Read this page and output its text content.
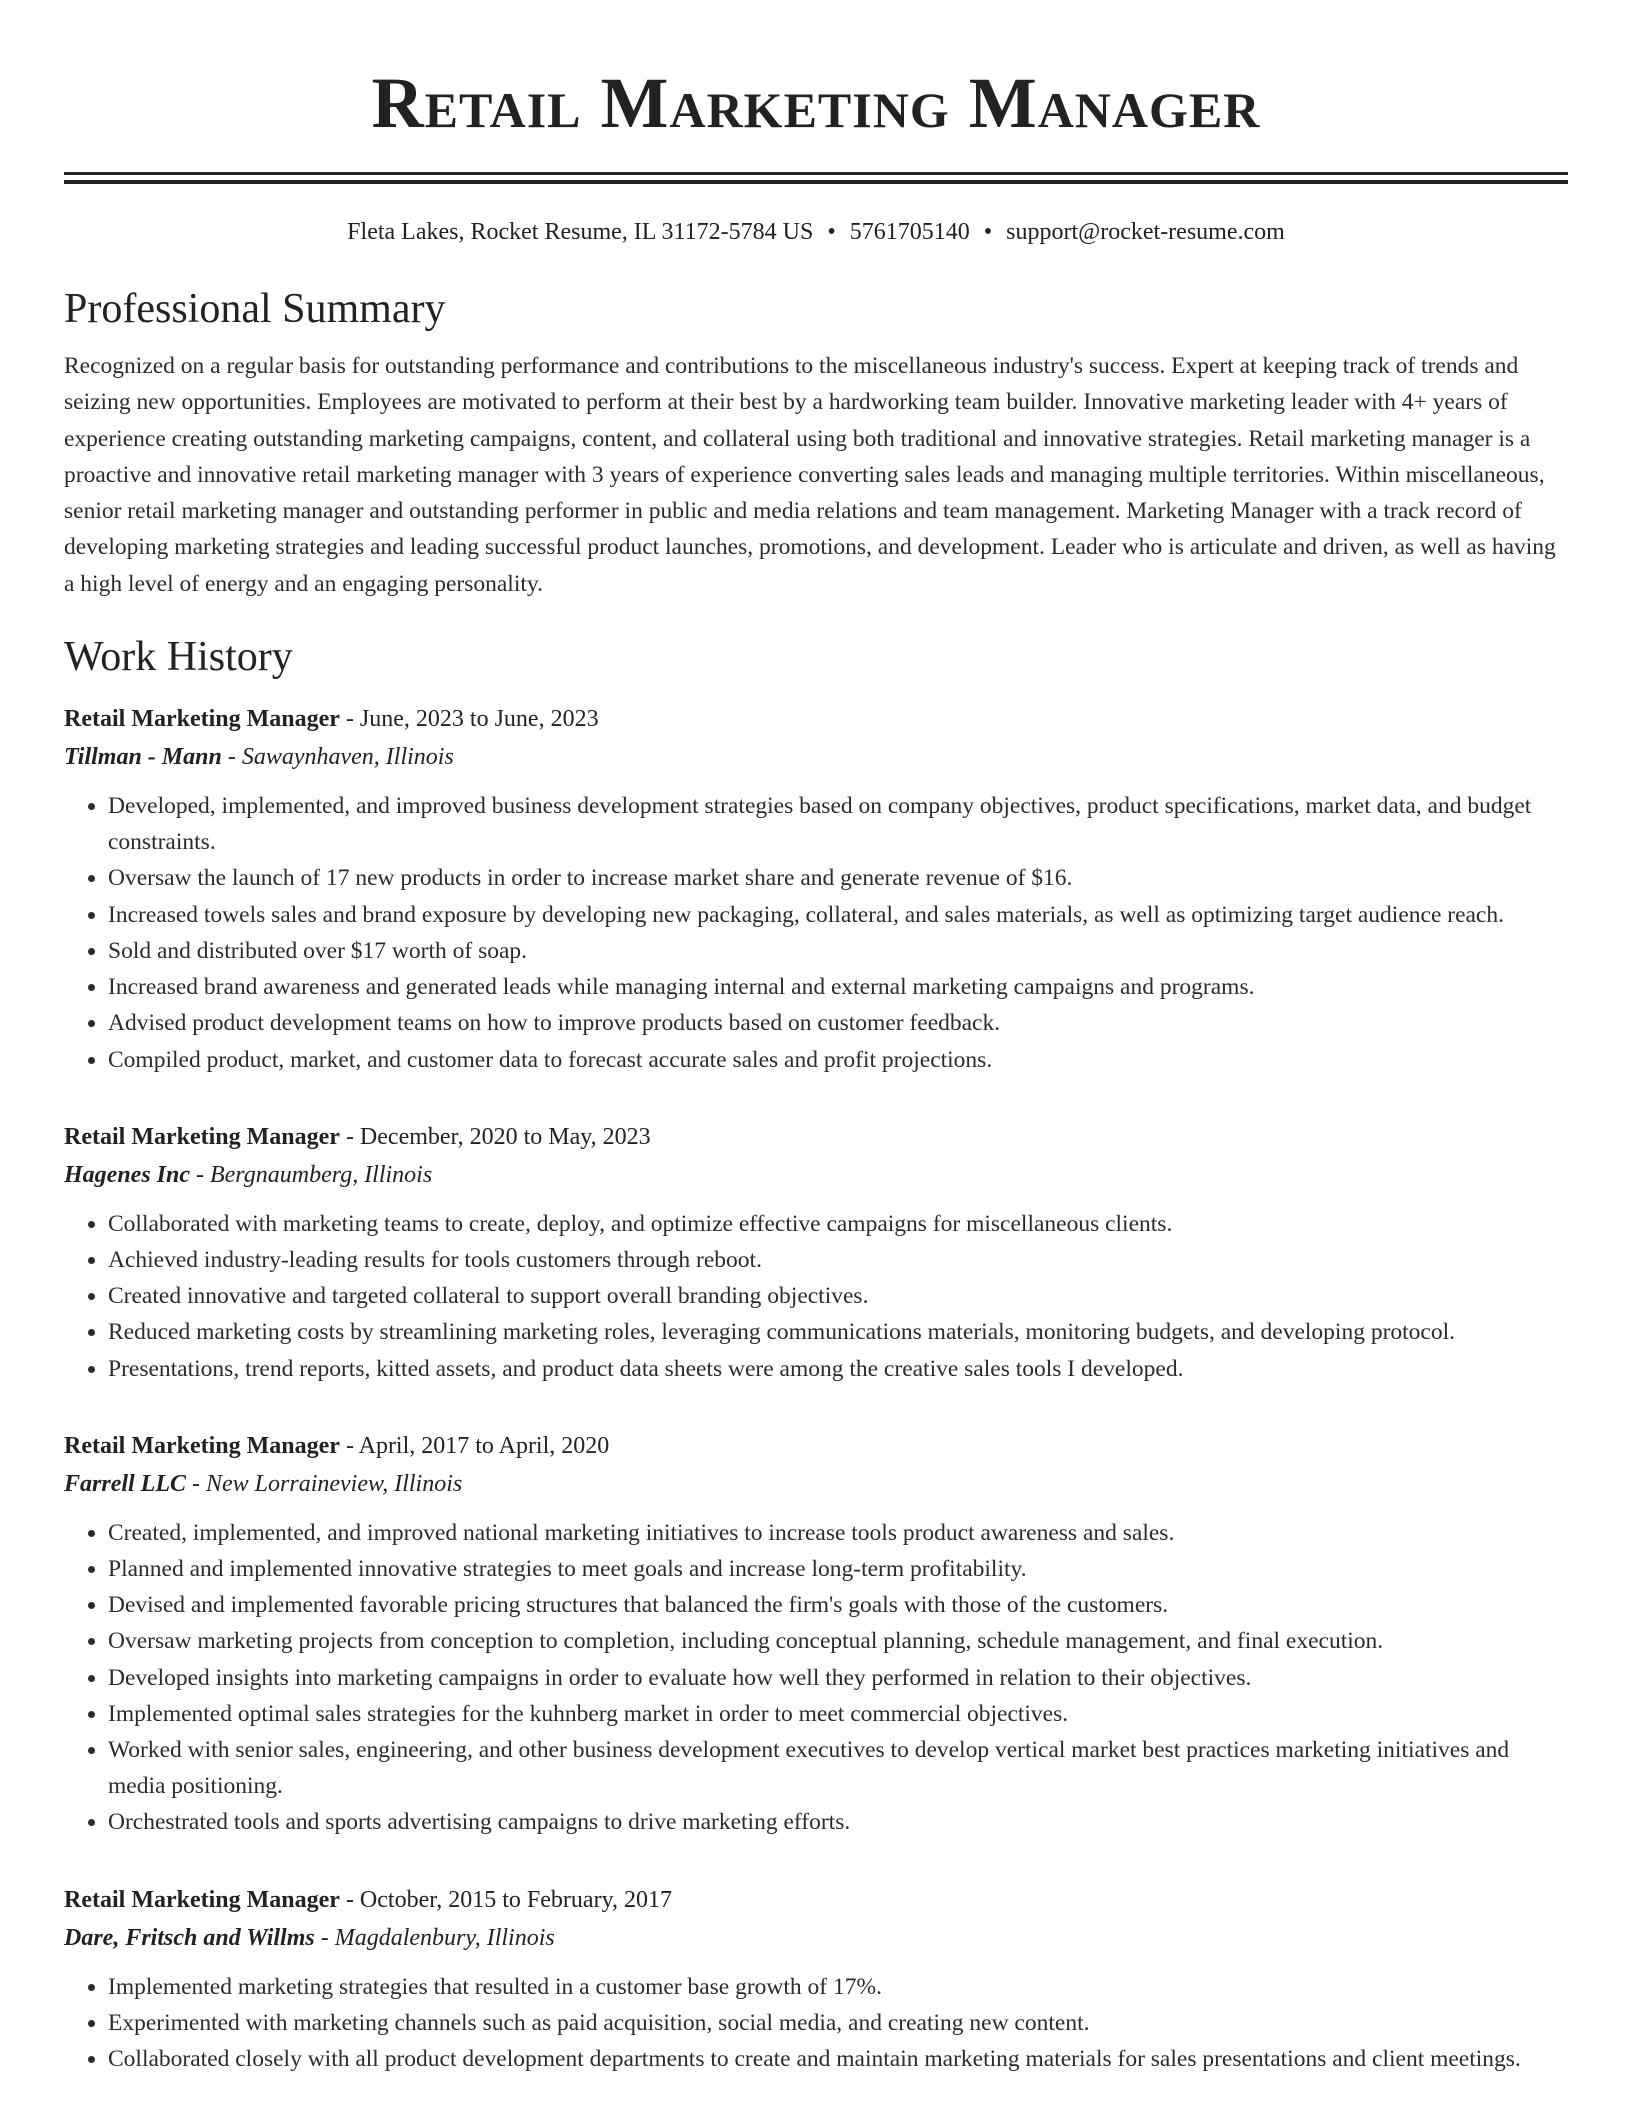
Retail Marketing Manager
Fleta Lakes, Rocket Resume, IL 31172-5784 US • 5761705140 • support@rocket-resume.com
Professional Summary

Recognized on a regular basis for outstanding performance and contributions to the miscellaneous industry's success. Expert at keeping track of trends and seizing new opportunities. Employees are motivated to perform at their best by a hardworking team builder. Innovative marketing leader with 4+ years of experience creating outstanding marketing campaigns, content, and collateral using both traditional and innovative strategies. Retail marketing manager is a proactive and innovative retail marketing manager with 3 years of experience converting sales leads and managing multiple territories. Within miscellaneous, senior retail marketing manager and outstanding performer in public and media relations and team management. Marketing Manager with a track record of developing marketing strategies and leading successful product launches, promotions, and development. Leader who is articulate and driven, as well as having a high level of energy and an engaging personality.

Work History

Retail Marketing Manager - June, 2023 to June, 2023

Tillman - Mann - Sawaynhaven, Illinois

• Developed, implemented, and improved business development strategies based on company objectives, product specifications, market data, and budget constraints.
• Oversaw the launch of 17 new products in order to increase market share and generate revenue of $16.
• Increased towels sales and brand exposure by developing new packaging, collateral, and sales materials, as well as optimizing target audience reach.
• Sold and distributed over $17 worth of soap.
• Increased brand awareness and generated leads while managing internal and external marketing campaigns and programs.
• Advised product development teams on how to improve products based on customer feedback.
• Compiled product, market, and customer data to forecast accurate sales and profit projections.

Retail Marketing Manager - December, 2020 to May, 2023

Hagenes Inc - Bergnaumberg, Illinois

• Collaborated with marketing teams to create, deploy, and optimize effective campaigns for miscellaneous clients.
• Achieved industry-leading results for tools customers through reboot.
• Created innovative and targeted collateral to support overall branding objectives.
• Reduced marketing costs by streamlining marketing roles, leveraging communications materials, monitoring budgets, and developing protocol.
• Presentations, trend reports, kitted assets, and product data sheets were among the creative sales tools I developed.

Retail Marketing Manager - April, 2017 to April, 2020

Farrell LLC - New Lorraineview, Illinois

• Created, implemented, and improved national marketing initiatives to increase tools product awareness and sales.
• Planned and implemented innovative strategies to meet goals and increase long-term profitability.
• Devised and implemented favorable pricing structures that balanced the firm's goals with those of the customers.
• Oversaw marketing projects from conception to completion, including conceptual planning, schedule management, and final execution.
• Developed insights into marketing campaigns in order to evaluate how well they performed in relation to their objectives.
• Implemented optimal sales strategies for the kuhnberg market in order to meet commercial objectives.
• Worked with senior sales, engineering, and other business development executives to develop vertical market best practices marketing initiatives and media positioning.
• Orchestrated tools and sports advertising campaigns to drive marketing efforts.

Retail Marketing Manager - October, 2015 to February, 2017

Dare, Fritsch and Willms - Magdalenbury, Illinois

• Implemented marketing strategies that resulted in a customer base growth of 17%.
• Experimented with marketing channels such as paid acquisition, social media, and creating new content.
• Collaborated closely with all product development departments to create and maintain marketing materials for sales presentations and client meetings.
